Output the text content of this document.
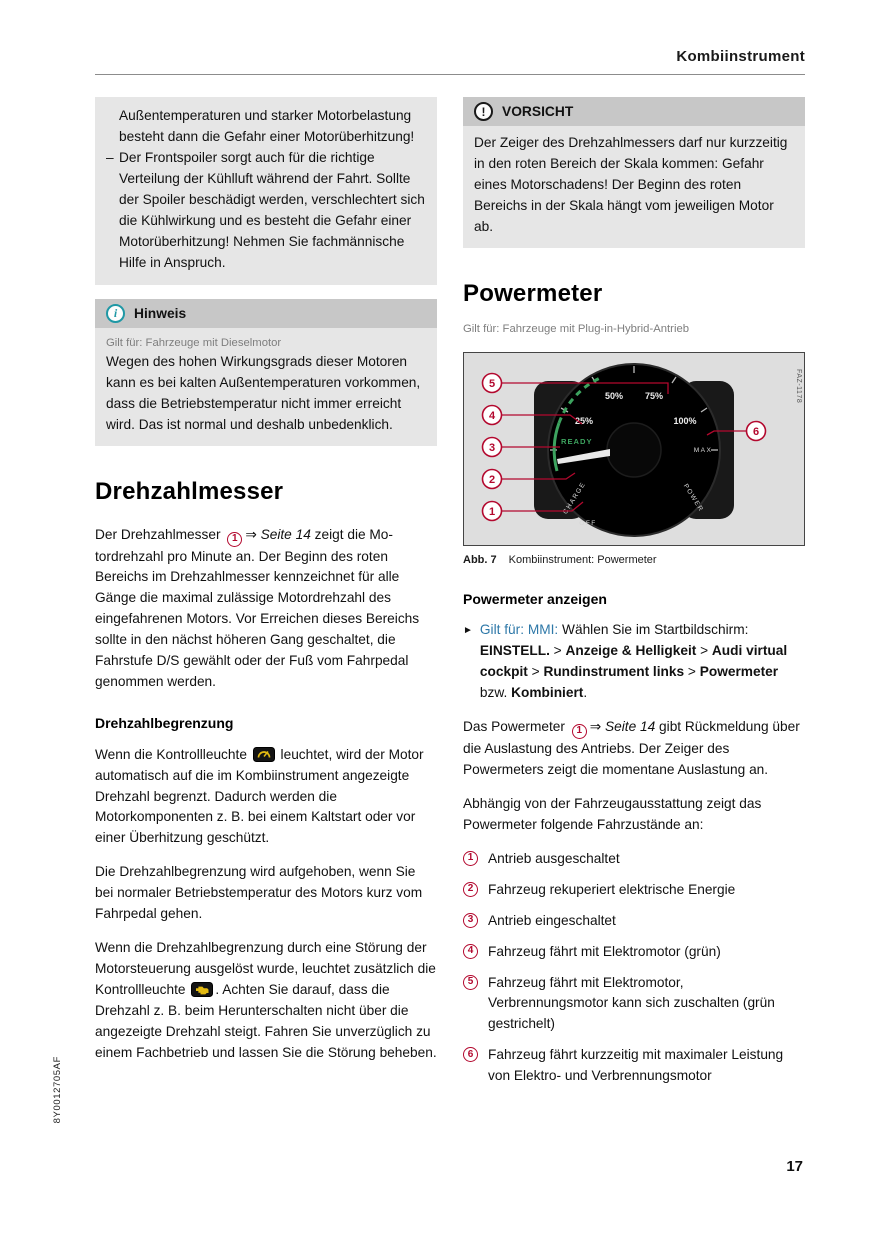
8Y0012705AF
Kombiinstrument

Außentemperaturen und starker Motorbelastung besteht dann die Gefahr einer Motorüberhitzung!

– Der Frontspoiler sorgt auch für die richtige Verteilung der Kühlluft während der Fahrt. Sollte der Spoiler beschädigt werden, verschlechtert sich die Kühlwirkung und es besteht die Gefahr einer Motorüberhitzung! Nehmen Sie fachmännische Hilfe in Anspruch.

i	Hinweis

Gilt für: Fahrzeuge mit Dieselmotor

Wegen des hohen Wirkungsgrads dieser Motoren kann es bei kalten Außentemperaturen vorkommen, dass die Betriebstemperatur nicht immer erreicht wird. Das ist normal und deshalb unbedenklich.

Drehzahlmesser

Der Drehzahlmesser 1 ⇒ Seite 14 zeigt die Motordrehzahl pro Minute an. Der Beginn des roten Bereichs im Drehzahlmesser kennzeichnet für alle Gänge die maximal zulässige Motordrehzahl des eingefahrenen Motors. Vor Erreichen dieses Bereichs sollte in den nächst höheren Gang geschaltet, die Fahrstufe D/S gewählt oder der Fuß vom Fahrpedal genommen werden.

Drehzahlbegrenzung

Wenn die Kontrollleuchte  leuchtet, wird der Motor automatisch auf die im Kombiinstrument angezeigte Drehzahl begrenzt. Dadurch werden die Motorkomponenten z. B. bei einem Kaltstart oder vor einer Überhitzung geschützt.

Die Drehzahlbegrenzung wird aufgehoben, wenn Sie bei normaler Betriebstemperatur des Motors kurz vom Fahrpedal gehen.

Wenn die Drehzahlbegrenzung durch eine Störung der Motorsteuerung ausgelöst wurde, leuchtet zusätzlich die Kontrollleuchte . Achten Sie darauf, dass die Drehzahl z. B. beim Herunterschalten nicht über die angezeigte Drehzahl steigt. Fahren Sie unverzüglich zu einem Fachbetrieb und lassen Sie die Störung beheben.

!	VORSICHT

Der Zeiger des Drehzahlmessers darf nur kurzzeitig in den roten Bereich der Skala kommen: Gefahr eines Motorschadens! Der Beginn des roten Bereichs in der Skala hängt vom jeweiligen Motor ab.

Powermeter

Gilt für: Fahrzeuge mit Plug-in-Hybrid-Antrieb

25%
50% 75%
100%
READY
CHARGE
OFF
MAX
POWER
5
4
3
2
1
6
FAZ-1178
Abb. 7 Kombiinstrument: Powermeter
Powermeter anzeigen

► Gilt für: MMI: Wählen Sie im Startbildschirm: EINSTELL. > Anzeige & Helligkeit > Audi virtual cockpit > Rundinstrument links > Powermeter bzw. Kombiniert.

Das Powermeter 1 ⇒ Seite 14 gibt Rückmeldung über die Auslastung des Antriebs. Der Zeiger des Powermeters zeigt die momentane Auslastung an.

Abhängig von der Fahrzeugausstattung zeigt das Powermeter folgende Fahrzustände an:

1	Antrieb ausgeschaltet
2	Fahrzeug rekuperiert elektrische Energie
3	Antrieb eingeschaltet
4	Fahrzeug fährt mit Elektromotor (grün)
5	Fahrzeug fährt mit Elektromotor, Verbrennungsmotor kann sich zuschalten (grün gestrichelt)
6	Fahrzeug fährt kurzzeitig mit maximaler Leistung von Elektro- und Verbrennungsmotor
17
